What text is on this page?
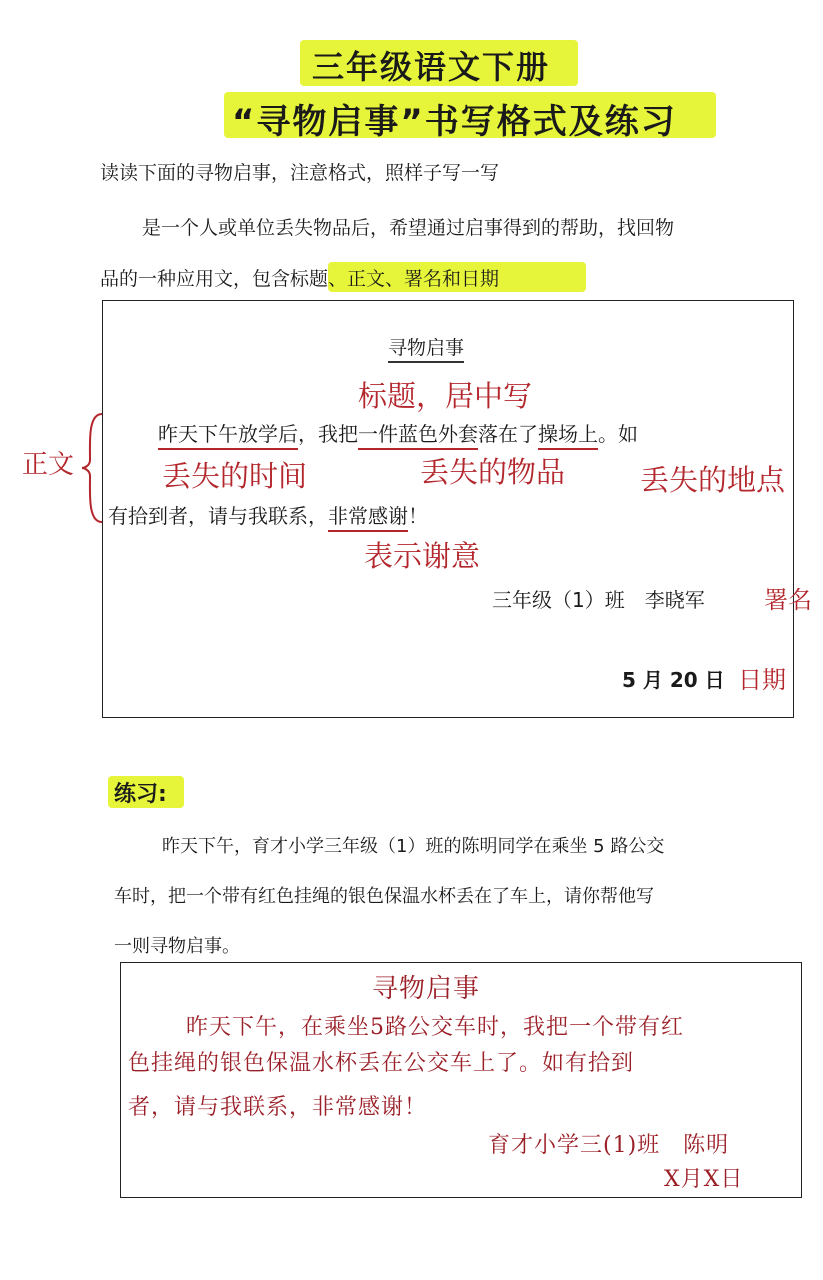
三年级语文下册
“寻物启事”书写格式及练习
读读下面的寻物启事，注意格式，照样子写一写
是一个人或单位丢失物品后，希望通过启事得到的帮助，找回物
品的一种应用文，包含标题、正文、署名和日期
寻物启事
标题，居中写
正文
昨天下午放学后，我把一件蓝色外套落在了操场上。如
丢失的时间	丢失的物品	丢失的地点
有拾到者，请与我联系，非常感谢！
表示谢意
三年级（1）班　李晓军 署名
5 月 20 日 日期
练习:
昨天下午，育才小学三年级（1）班的陈明同学在乘坐 5 路公交
车时，把一个带有红色挂绳的银色保温水杯丢在了车上，请你帮他写
一则寻物启事。
寻物启事
昨天下午，在乘坐5路公交车时，我把一个带有红
色挂绳的银色保温水杯丢在公交车上了。如有拾到
者，请与我联系，非常感谢！
育才小学三(1)班　陈明
X月X日
